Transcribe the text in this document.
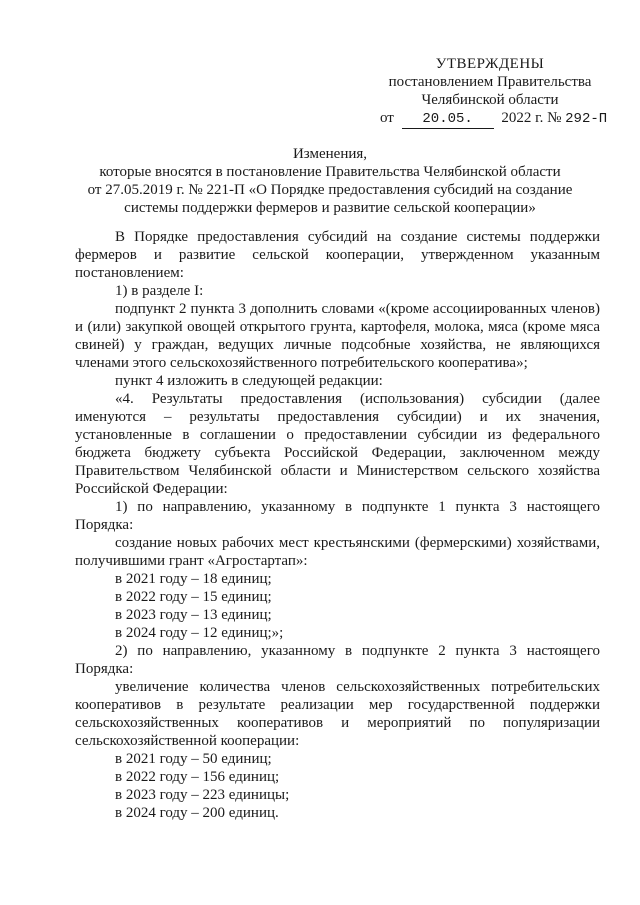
УТВЕРЖДЕНЫ
постановлением Правительства
Челябинской области
от 20.05. 2022 г. № 292-П
Изменения,
которые вносятся в постановление Правительства Челябинской области
от 27.05.2019 г. № 221-П «О Порядке предоставления субсидий на создание
системы поддержки фермеров и развитие сельской кооперации»
В Порядке предоставления субсидий на создание системы поддержки фермеров и развитие сельской кооперации, утвержденном указанным постановлением:
1) в разделе I:
подпункт 2 пункта 3 дополнить словами «(кроме ассоциированных членов) и (или) закупкой овощей открытого грунта, картофеля, молока, мяса (кроме мяса свиней) у граждан, ведущих личные подсобные хозяйства, не являющихся членами этого сельскохозяйственного потребительского кооператива»;
пункт 4 изложить в следующей редакции:
«4. Результаты предоставления (использования) субсидии (далее именуются – результаты предоставления субсидии) и их значения, установленные в соглашении о предоставлении субсидии из федерального бюджета бюджету субъекта Российской Федерации, заключенном между Правительством Челябинской области и Министерством сельского хозяйства Российской Федерации:
1) по направлению, указанному в подпункте 1 пункта 3 настоящего Порядка:
создание новых рабочих мест крестьянскими (фермерскими) хозяйствами, получившими грант «Агростартап»:
в 2021 году – 18 единиц;
в 2022 году – 15 единиц;
в 2023 году – 13 единиц;
в 2024 году – 12 единиц;»;
2) по направлению, указанному в подпункте 2 пункта 3 настоящего Порядка:
увеличение количества членов сельскохозяйственных потребительских кооперативов в результате реализации мер государственной поддержки сельскохозяйственных кооперативов и мероприятий по популяризации сельскохозяйственной кооперации:
в 2021 году – 50 единиц;
в 2022 году – 156 единиц;
в 2023 году – 223 единицы;
в 2024 году – 200 единиц.
